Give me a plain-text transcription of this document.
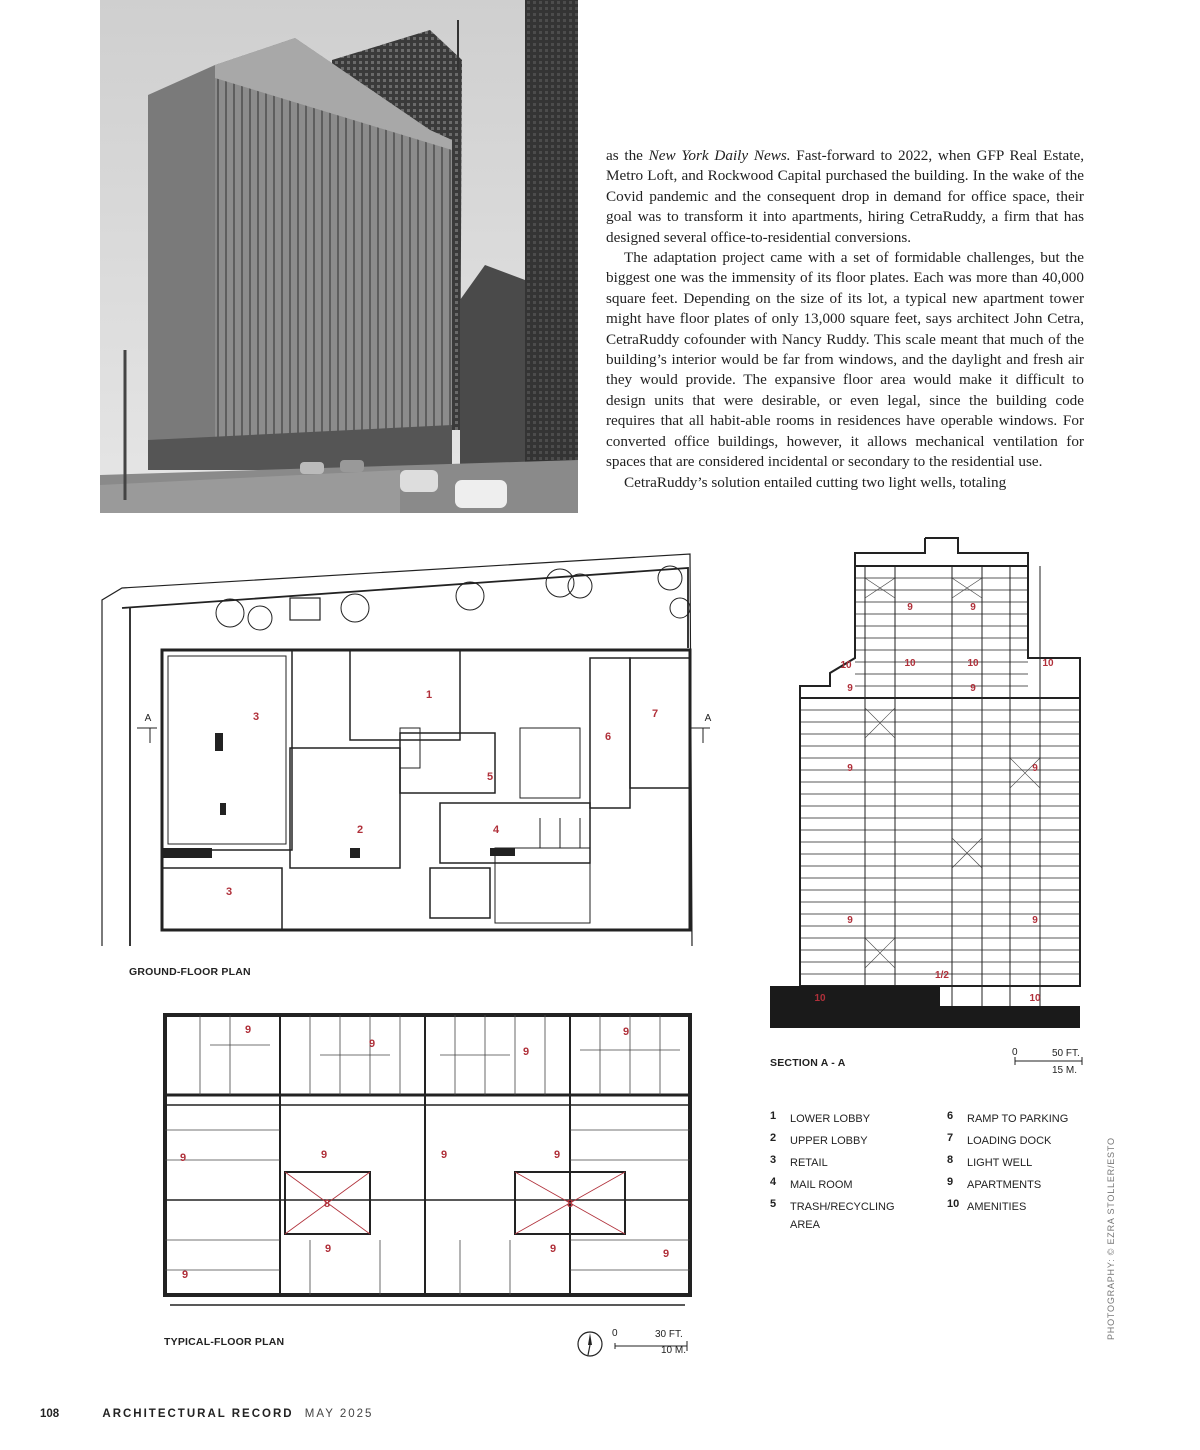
as the New York Daily News. Fast-forward to 2022, when GFP Real Estate, Metro Loft, and Rockwood Capital purchased the building. In the wake of the Covid pandemic and the consequent drop in demand for office space, their goal was to transform it into apartments, hiring CetraRuddy, a firm that has designed several office-to-residential conversions.

The adaptation project came with a set of formidable challenges, but the biggest one was the immensity of its floor plates. Each was more than 40,000 square feet. Depending on the size of its lot, a typical new apartment tower might have floor plates of only 13,000 square feet, says architect John Cetra, CetraRuddy cofounder with Nancy Ruddy. This scale meant that much of the building’s interior would be far from windows, and the daylight and fresh air they would provide. The expansive floor area would make it difficult to design units that were desirable, or even legal, since the building code requires that all habit-able rooms in residences have operable windows. For converted office buildings, however, it allows mechanical ventilation for spaces that are considered incidental or secondary to the residential use.

CetraRuddy’s solution entailed cutting two light wells, totaling

A	A
1
2
3
3
4
5
6
7
GROUND-FLOOR PLAN
9
9
9
9
9	9	9	9
9	9
9
9
8	8
TYPICAL-FLOOR PLAN
0	30 FT.
10 M.
9	9
10	10	10	10
9	9
9	9
9	9
1/2
10	10
SECTION A - A
0	50 FT.
15 M.
1	LOWER LOBBY
2	UPPER LOBBY
3	RETAIL
4	MAIL ROOM
5	TRASH/RECYCLING AREA
6	RAMP TO PARKING
7	LOADING DOCK
8	LIGHT WELL
9	APARTMENTS
10 AMENITIES	PHOTOGRAPHY: © EZRA STOLLER/ESTO
108	ARCHITECTURAL RECORD MAY 2025
